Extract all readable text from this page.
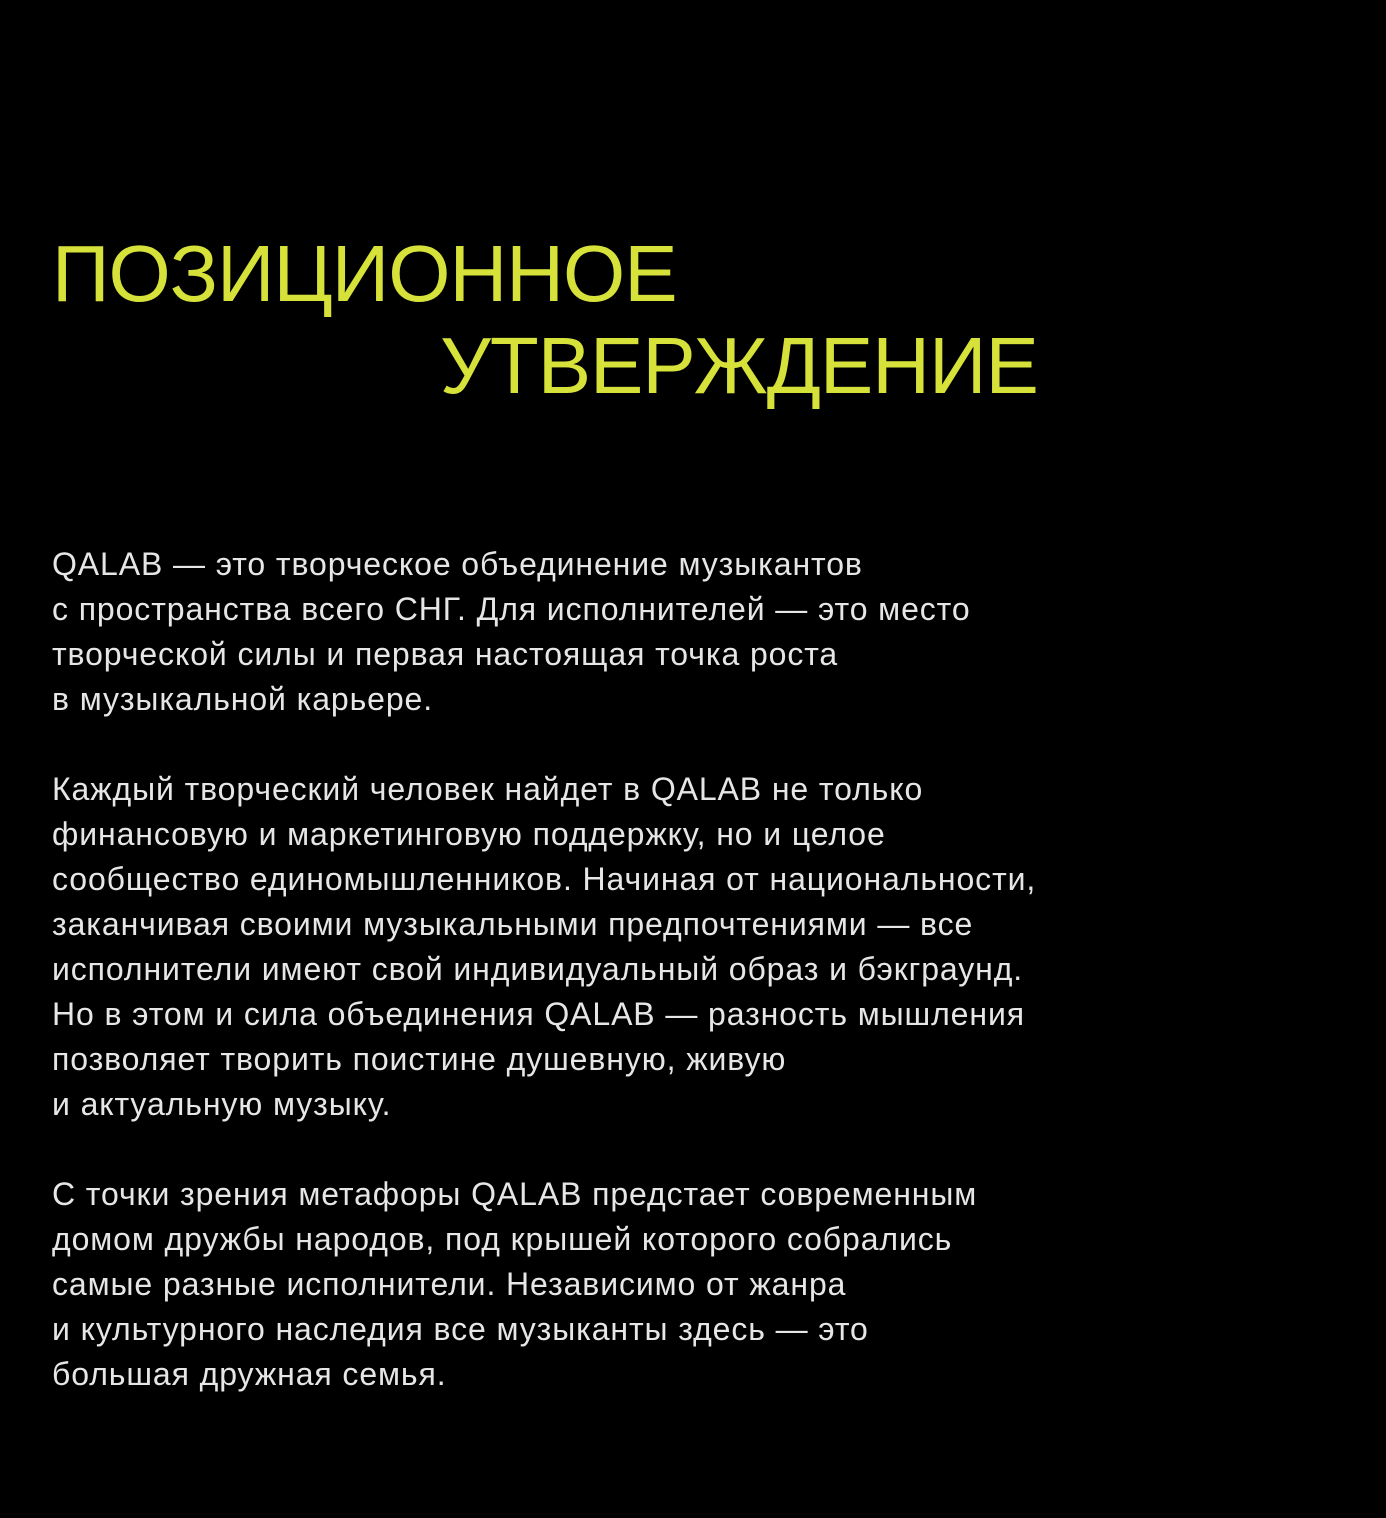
ПОЗИЦИОННОЕ
УТВЕРЖДЕНИЕ

QALAB — это творческое объединение музыкантов
с пространства всего СНГ. Для исполнителей — это место
творческой силы и первая настоящая точка роста
в музыкальной карьере.

Каждый творческий человек найдет в QALAB не только
финансовую и маркетинговую поддержку, но и целое
сообщество единомышленников. Начиная от национальности,
заканчивая своими музыкальными предпочтениями — все
исполнители имеют свой индивидуальный образ и бэкграунд.
Но в этом и сила объединения QALAB — разность мышления
позволяет творить поистине душевную, живую
и актуальную музыку.

С точки зрения метафоры QALAB предстает современным
домом дружбы народов, под крышей которого собрались
самые разные исполнители. Независимо от жанра
и культурного наследия все музыканты здесь — это
большая дружная семья.
